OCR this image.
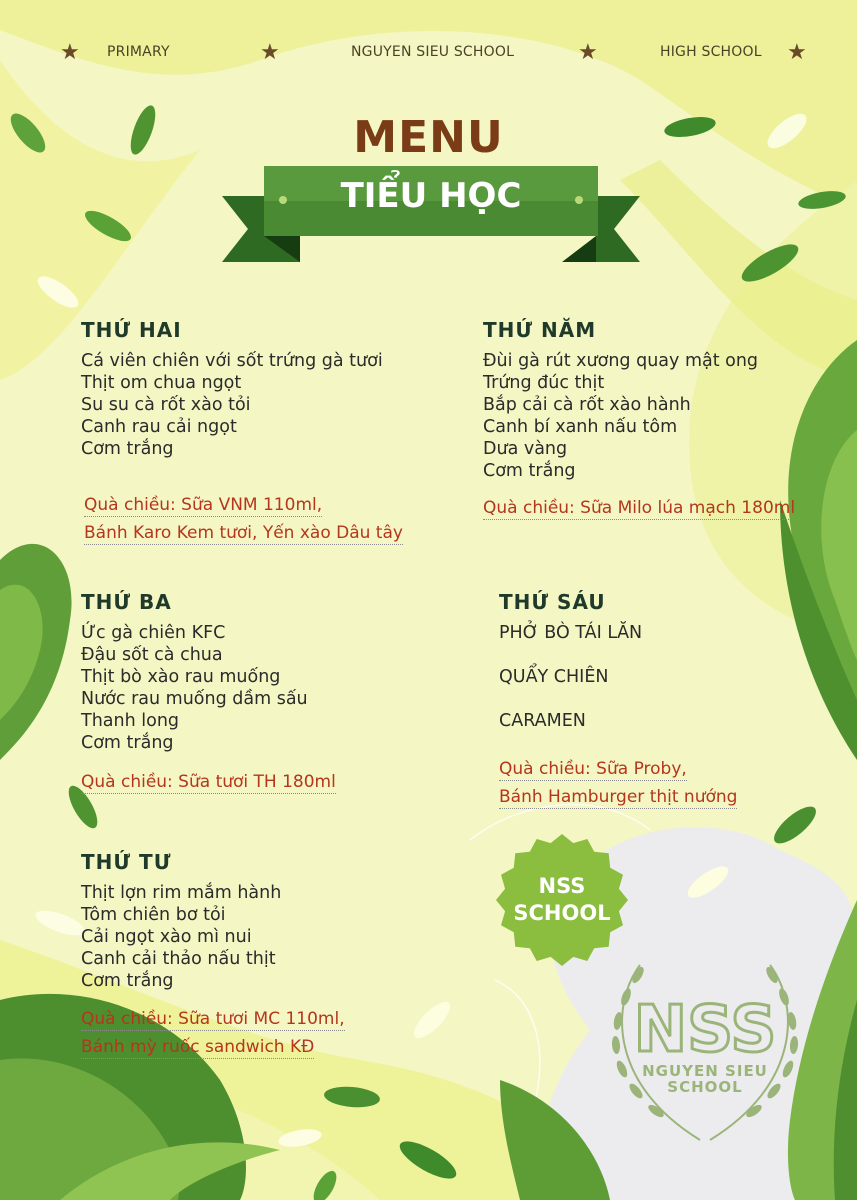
★ PRIMARY	★	NGUYEN SIEU SCHOOL	★	HIGH SCHOOL ★
MENU
TIỂU HỌC
THỨ HAI
Cá viên chiên với sốt trứng gà tươi
Thịt om chua ngọt
Su su cà rốt xào tỏi
Canh rau cải ngọt
Cơm trắng
Quà chiều: Sữa VNM 110ml,
Bánh Karo Kem tươi, Yến xào Dâu tây
THỨ BA
Ức gà chiên KFC
Đậu sốt cà chua
Thịt bò xào rau muống
Nước rau muống dầm sấu
Thanh long
Cơm trắng
Quà chiều: Sữa tươi TH 180ml
THỨ TƯ
Thịt lợn rim mắm hành
Tôm chiên bơ tỏi
Cải ngọt xào mì nui
Canh cải thảo nấu thịt
Cơm trắng
Quà chiều: Sữa tươi MC 110ml,
Bánh mỳ ruốc sandwich KĐ
THỨ NĂM
Đùi gà rút xương quay mật ong
Trứng đúc thịt
Bắp cải cà rốt xào hành
Canh bí xanh nấu tôm
Dưa vàng
Cơm trắng
Quà chiều: Sữa Milo lúa mạch 180ml
THỨ SÁU
PHỞ BÒ TÁI LĂN
QUẨY CHIÊN
CARAMEN
Quà chiều: Sữa Proby,
Bánh Hamburger thịt nướng
NSS
SCHOOL
NSS
NGUYEN SIEU
SCHOOL
